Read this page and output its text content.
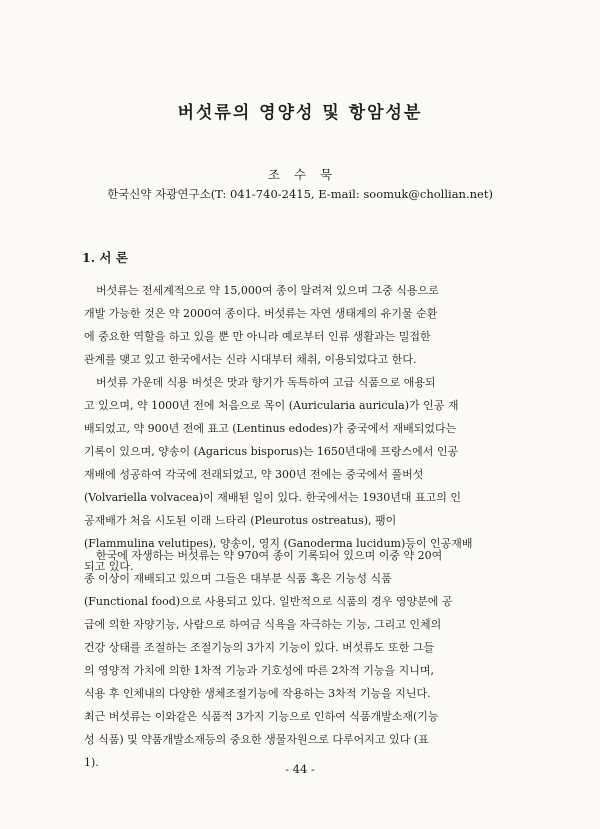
버섯류의 영양성 및 항암성분
조 수 묵
한국신약 자광연구소(T: 041-740-2415, E-mail: soomuk@chollian.net)
1. 서 론
버섯류는 전세계적으로 약 15,000여 종이 알려져 있으며 그중 식용으로
개발 가능한 것은 약 2000여 종이다. 버섯류는 자연 생태계의 유기물 순환
에 중요한 역할을 하고 있을 뿐 만 아니라 예로부터 인류 생활과는 밀접한
관계를 맺고 있고 한국에서는 신라 시대부터 채취, 이용되었다고 한다.
버섯류 가운데 식용 버섯은 맛과 향기가 독특하여 고급 식품으로 애용되
고 있으며, 약 1000년 전에 처음으로 목이 (Auricularia auricula)가 인공 재
배되었고, 약 900년 전에 표고 (Lentinus edodes)가 중국에서 재배되었다는
기록이 있으며, 양송이 (Agaricus bisporus)는 1650년대에 프랑스에서 인공
재배에 성공하여 각국에 전래되었고, 약 300년 전에는 중국에서 풀버섯
(Volvariella volvacea)이 재배된 일이 있다. 한국에서는 1930년대 표고의 인
공재배가 처음 시도된 이래 느타리 (Pleurotus ostreatus), 팽이
(Flammulina velutipes), 양송이, 영지 (Ganoderma lucidum)등이 인공재배
되고 있다.
한국에 자생하는 버섯류는 약 970여 종이 기록되어 있으며 이중 약 20여
종 이상이 재배되고 있으며 그들은 대부분 식품 혹은 기능성 식품
(Functional food)으로 사용되고 있다. 일반적으로 식품의 경우 영양분에 공
급에 의한 자양기능, 사람으로 하여금 식욕을 자극하는 기능, 그리고 인체의
건강 상태를 조절하는 조절기능의 3가지 기능이 있다. 버섯류도 또한 그들
의 영양적 가치에 의한 1차적 기능과 기호성에 따른 2차적 기능을 지니며,
식용 후 인체내의 다양한 생체조절기능에 작용하는 3차적 기능을 지닌다.
최근 버섯류는 이와같은 식품적 3가지 기능으로 인하여 식품개발소재(기능
성 식품) 및 약품개발소재등의 중요한 생물자원으로 다루어지고 있다 (표
1).	- 44 -
